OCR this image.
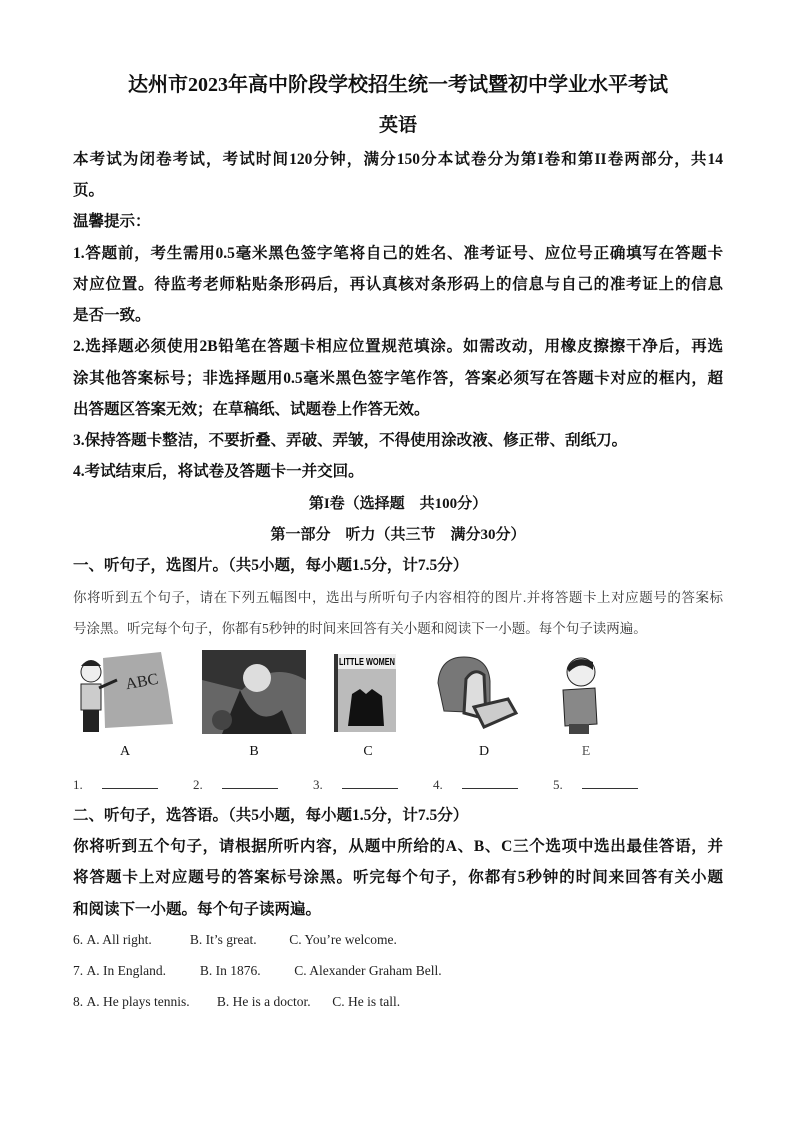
达州市2023年高中阶段学校招生统一考试暨初中学业水平考试
英语
本考试为闭卷考试，考试时间120分钟，满分150分本试卷分为第I卷和第II卷两部分，共14
页。
温馨提示：
1.答题前，考生需用0.5毫米黑色签字笔将自己的姓名、准考证号、应位号正确填写在答题卡
对应位置。待监考老师粘贴条形码后，再认真核对条形码上的信息与自己的准考证上的信息
是否一致。
2.选择题必须使用2B铅笔在答题卡相应位置规范填涂。如需改动，用橡皮擦擦干净后，再选
涂其他答案标号；非选择题用0.5毫米黑色签字笔作答，答案必须写在答题卡对应的框内，超
出答题区答案无效；在草稿纸、试题卷上作答无效。
3.保持答题卡整洁，不要折叠、弄破、弄皱，不得使用涂改液、修正带、刮纸刀。
4.考试结束后，将试卷及答题卡一并交回。
第I卷（选择题　共100分）
第一部分　听力（共三节　满分30分）
一、听句子，选图片。（共5小题，每小题1.5分，计7.5分）
你将听到五个句子，请在下列五幅图中，选出与所听句子内容相符的图片.并将答题卡上对应题号的答案标
号涂黑。听完每个句子，你都有5秒钟的时间来回答有关小题和阅读下一小题。每个句子读两遍。
ABC
LITTLE WOMEN
A	B	C	D	E
1.	2.	3.	4.	5.
二、听句子，选答语。（共5小题，每小题1.5分，计7.5分）
你将听到五个句子，请根据所听内容，从题中所给的A、B、C三个选项中选出最佳答语，并
将答题卡上对应题号的答案标号涂黑。听完每个句子，你都有5秒钟的时间来回答有关小题
和阅读下一小题。每个句子读两遍。
6. A. All right.	B. It’s great. C. You’re welcome.
7. A. In England.	B. In 1876. C. Alexander Graham Bell.
8. A. He plays tennis. B. He is a doctor. C. He is tall.
